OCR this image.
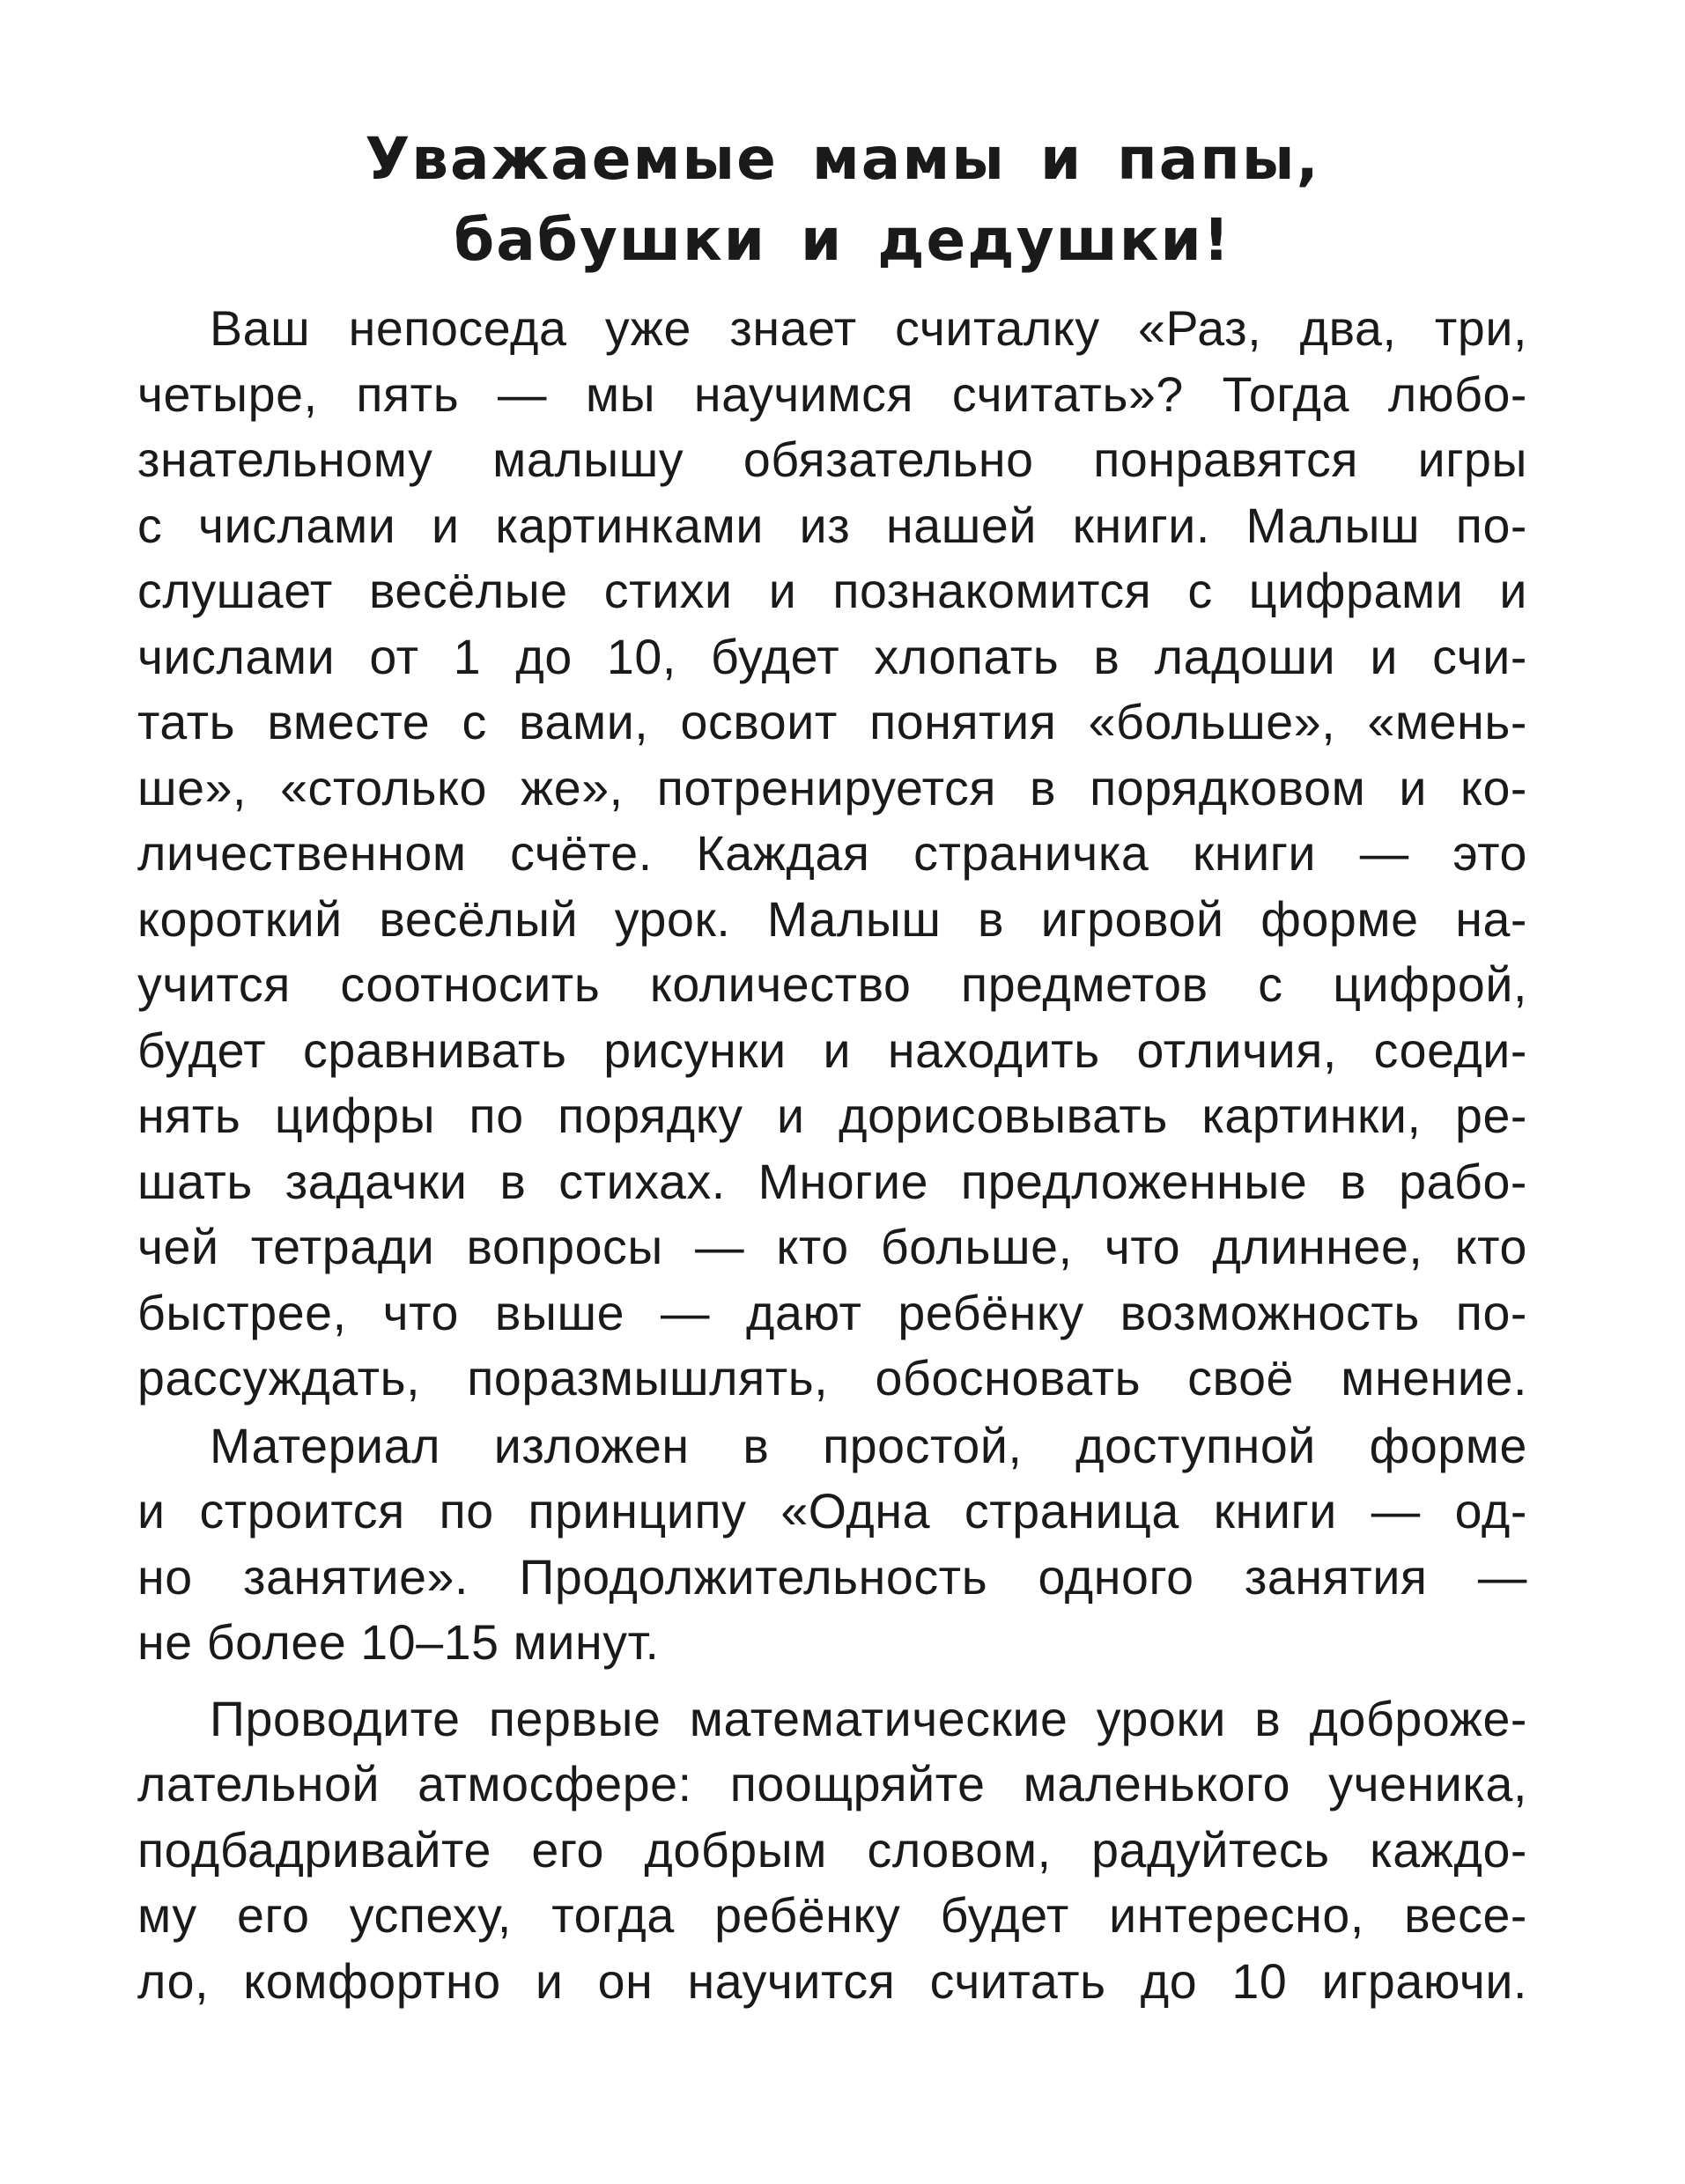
Уважаемые мамы и папы,
бабушки и дедушки!

Ваш непоседа уже знает считалку «Раз, два, три,
четыре, пять — мы научимся считать»? Тогда любо-
знательному малышу обязательно понравятся игры
с числами и картинками из нашей книги. Малыш по-
слушает весёлые стихи и познакомится с цифрами и
числами от 1 до 10, будет хлопать в ладоши и счи-
тать вместе с вами, освоит понятия «больше», «мень-
ше», «столько же», потренируется в порядковом и ко-
личественном счёте. Каждая страничка книги — это
короткий весёлый урок. Малыш в игровой форме на-
учится соотносить количество предметов с цифрой,
будет сравнивать рисунки и находить отличия, соеди-
нять цифры по порядку и дорисовывать картинки, ре-
шать задачки в стихах. Многие предложенные в рабо-
чей тетради вопросы — кто больше, что длиннее, кто
быстрее, что выше — дают ребёнку возможность по-
рассуждать, поразмышлять, обосновать своё мнение.

Материал изложен в простой, доступной форме
и строится по принципу «Одна страница книги — од-
но занятие». Продолжительность одного занятия —
не более 10–15 минут.

Проводите первые математические уроки в доброже-
лательной атмосфере: поощряйте маленького ученика,
подбадривайте его добрым словом, радуйтесь каждо-
му его успеху, тогда ребёнку будет интересно, весе-
ло, комфортно и он научится считать до 10 играючи.
